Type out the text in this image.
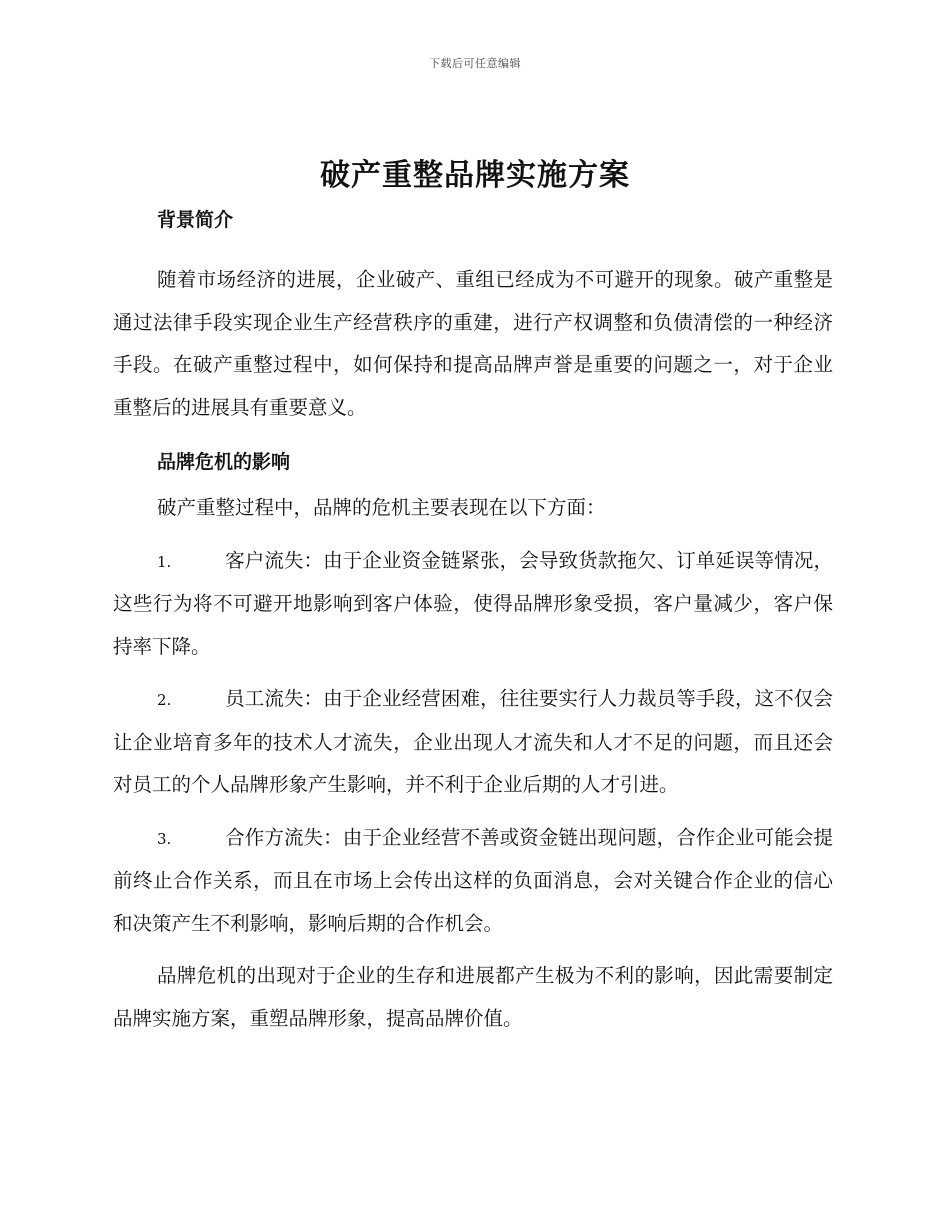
下载后可任意编辑
破产重整品牌实施方案
背景简介

随着市场经济的进展，企业破产、重组已经成为不可避开的现象。破产重整是通过法律手段实现企业生产经营秩序的重建，进行产权调整和负债清偿的一种经济手段。在破产重整过程中，如何保持和提高品牌声誉是重要的问题之一，对于企业重整后的进展具有重要意义。

品牌危机的影响

破产重整过程中，品牌的危机主要表现在以下方面：

1.	客户流失：由于企业资金链紧张，会导致货款拖欠、订单延误等情况，这些行为将不可避开地影响到客户体验，使得品牌形象受损，客户量减少，客户保持率下降。

2.	员工流失：由于企业经营困难，往往要实行人力裁员等手段，这不仅会让企业培育多年的技术人才流失，企业出现人才流失和人才不足的问题，而且还会对员工的个人品牌形象产生影响，并不利于企业后期的人才引进。

3.	合作方流失：由于企业经营不善或资金链出现问题，合作企业可能会提前终止合作关系，而且在市场上会传出这样的负面消息，会对关键合作企业的信心和决策产生不利影响，影响后期的合作机会。

品牌危机的出现对于企业的生存和进展都产生极为不利的影响，因此需要制定品牌实施方案，重塑品牌形象，提高品牌价值。
